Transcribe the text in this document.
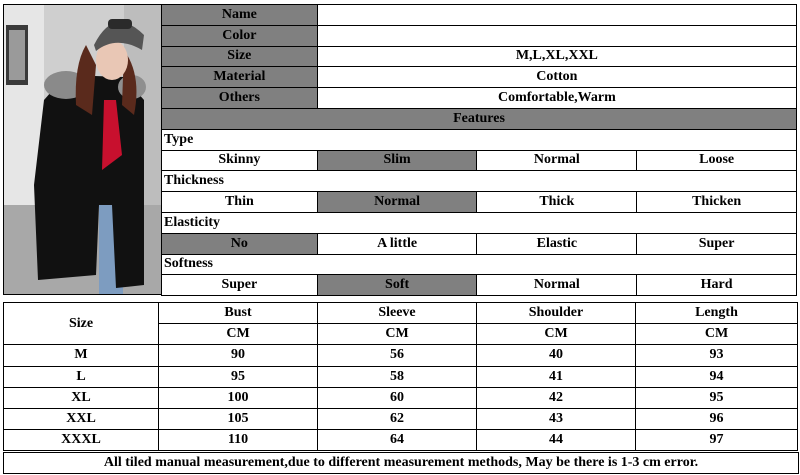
Name			
Color			
Size	M,L,XL,XXL		
Material	Cotton		
Others	Comfortable,Warm		
Features			
Type			
Skinny	Slim	Normal	Loose
Thickness			
Thin	Normal	Thick	Thicken
Elasticity			
No	A little	Elastic	Super
Softness			
Super	Soft	Normal	Hard
Size	Bust	Sleeve	Shoulder	Length
	CM	CM	CM	CM
M	90	56	40	93
L	95	58	41	94
XL	100	60	42	95
XXL	105	62	43	96
XXXL	110	64	44	97
All tiled manual measurement,due to different measurement methods, May be there is 1-3 cm error.
